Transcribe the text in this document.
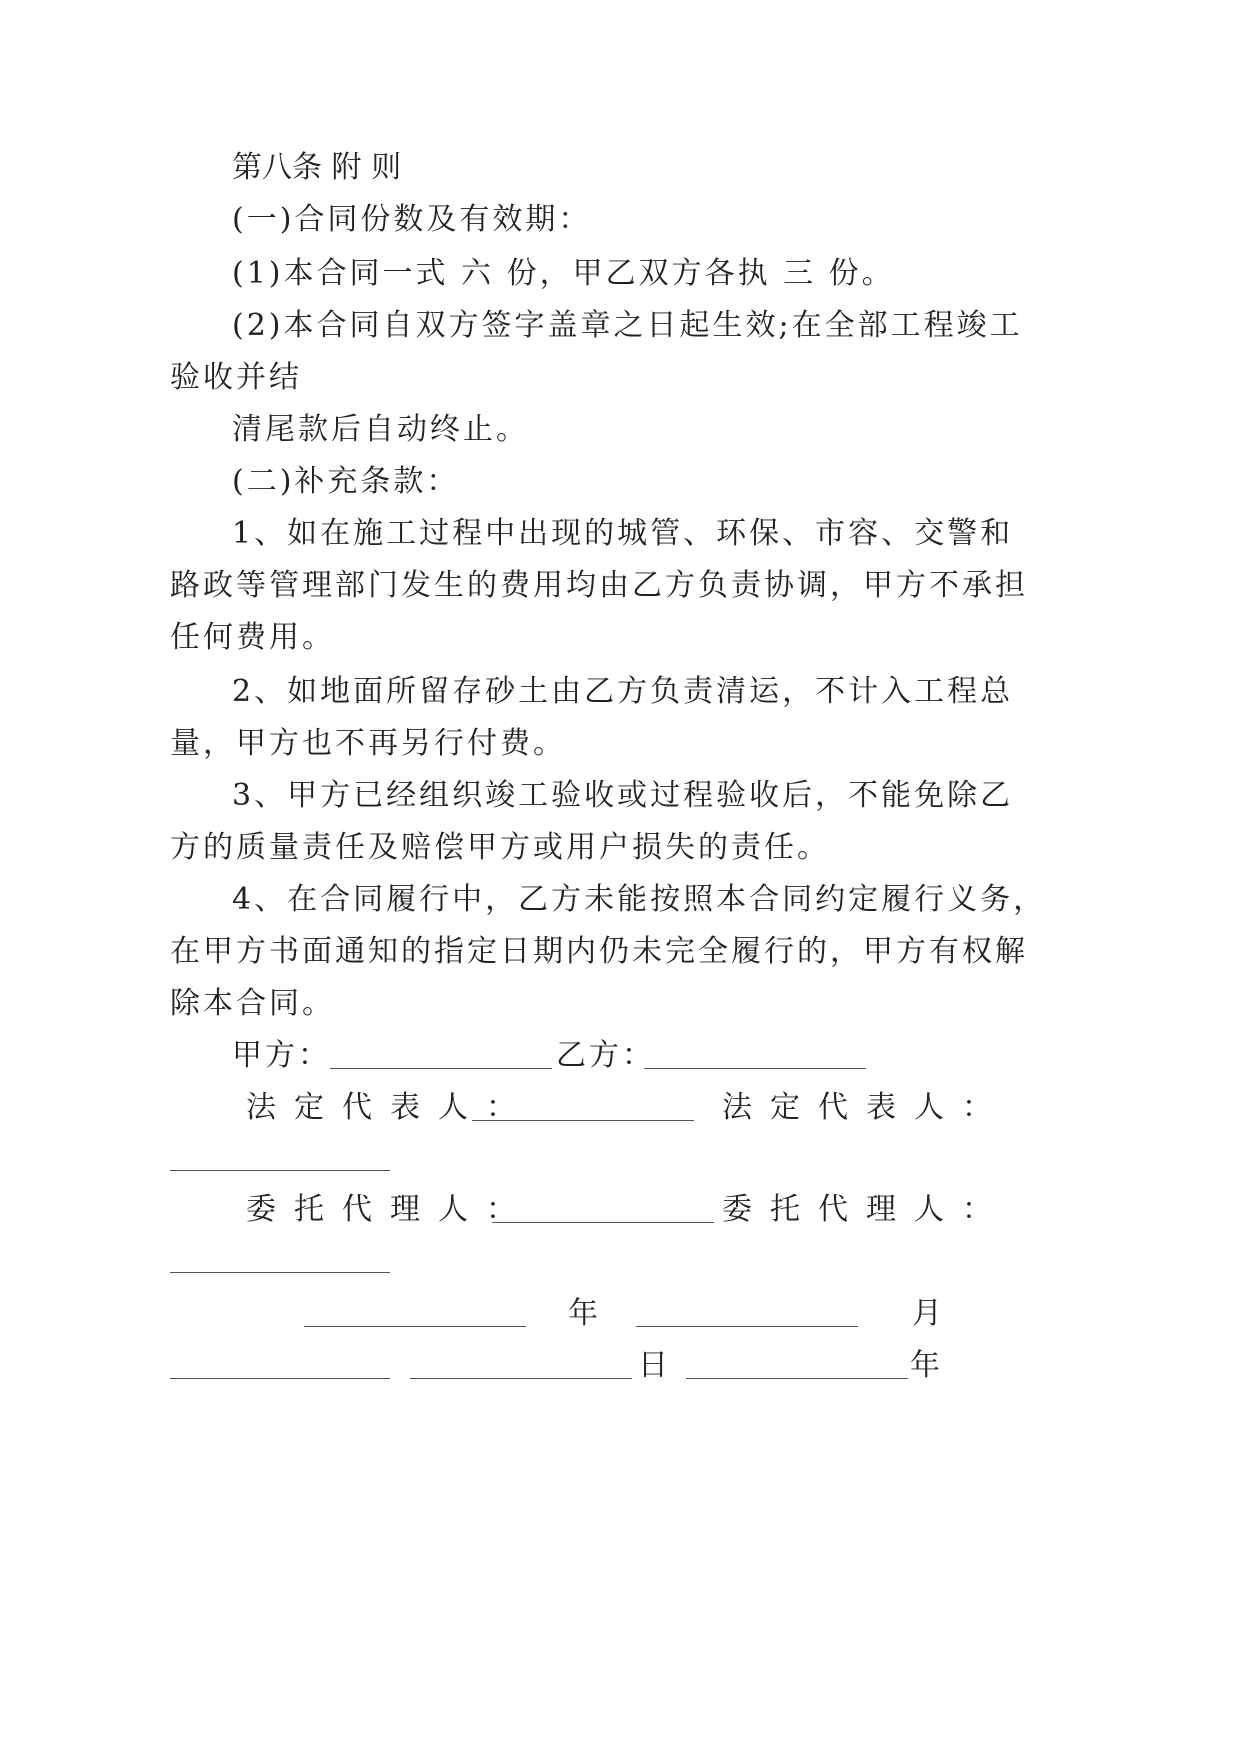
第八条 附 则
(一)合同份数及有效期：
(1)本合同一式 六 份，甲乙双方各执 三 份。
(2)本合同自双方签字盖章之日起生效;在全部工程竣工
验收并结
清尾款后自动终止。
(二)补充条款：
1、如在施工过程中出现的城管、环保、市容、交警和
路政等管理部门发生的费用均由乙方负责协调，甲方不承担
任何费用。
2、如地面所留存砂土由乙方负责清运，不计入工程总
量，甲方也不再另行付费。
3、甲方已经组织竣工验收或过程验收后，不能免除乙
方的质量责任及赔偿甲方或用户损失的责任。
4、在合同履行中，乙方未能按照本合同约定履行义务，
在甲方书面通知的指定日期内仍未完全履行的，甲方有权解
除本合同。
甲方：	乙方：
法定代表人：	法定代表人：
委托代理人：	委托代理人：
年	月
日	年
